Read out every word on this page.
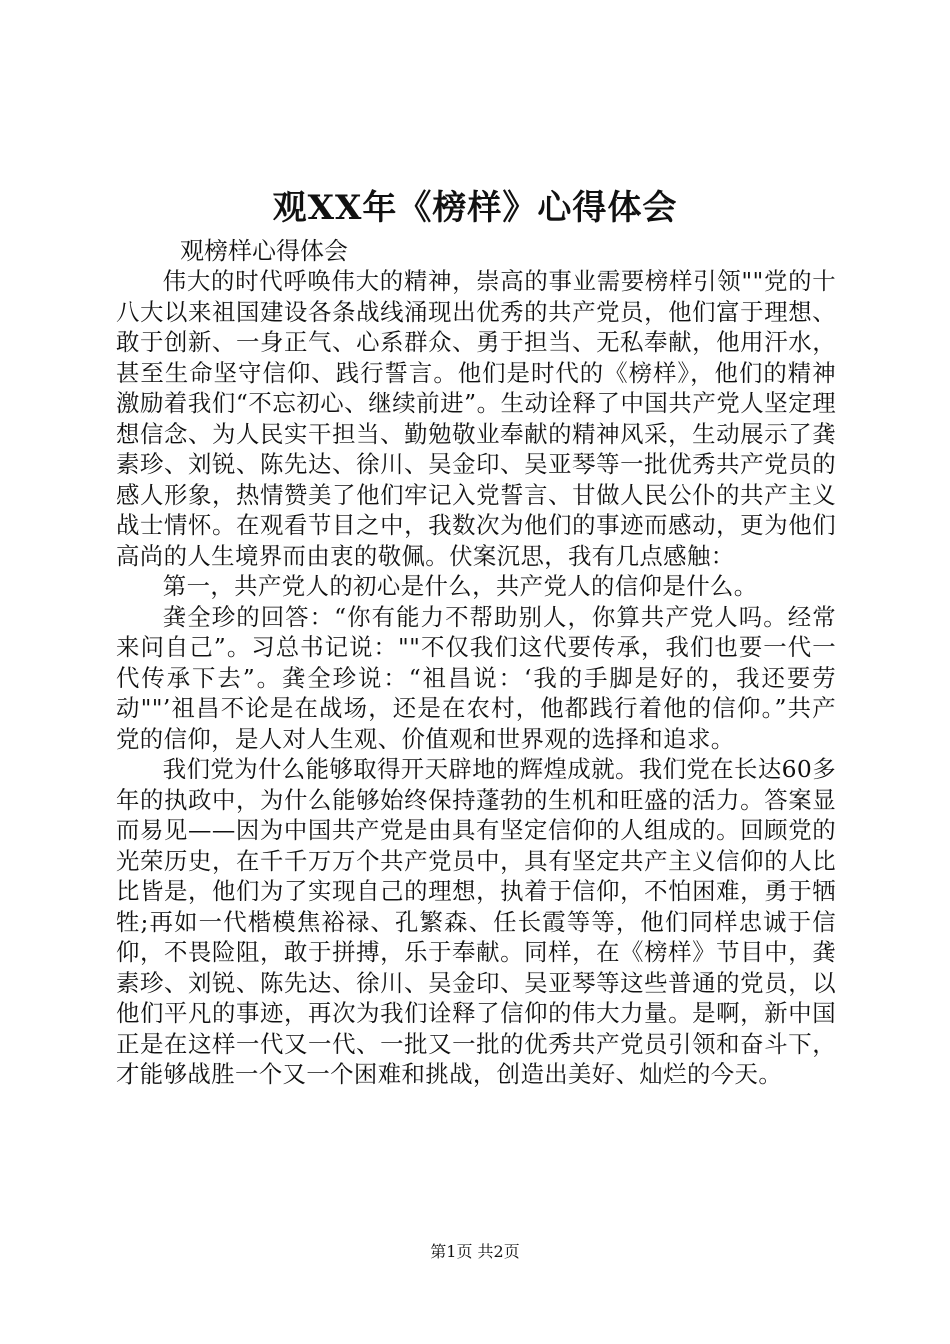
观XX年《榜样》心得体会
观榜样心得体会

伟大的时代呼唤伟大的精神，崇高的事业需要榜样引领""党的十八大以来祖国建设各条战线涌现出优秀的共产党员，他们富于理想、敢于创新、一身正气、心系群众、勇于担当、无私奉献，他用汗水，甚至生命坚守信仰、践行誓言。他们是时代的《榜样》，他们的精神激励着我们“不忘初心、继续前进”。生动诠释了中国共产党人坚定理想信念、为人民实干担当、勤勉敬业奉献的精神风采，生动展示了龚素珍、刘锐、陈先达、徐川、吴金印、吴亚琴等一批优秀共产党员的感人形象，热情赞美了他们牢记入党誓言、甘做人民公仆的共产主义战士情怀。在观看节目之中，我数次为他们的事迹而感动，更为他们高尚的人生境界而由衷的敬佩。伏案沉思，我有几点感触：

第一，共产党人的初心是什么，共产党人的信仰是什么。

龚全珍的回答：“你有能力不帮助别人，你算共产党人吗。经常来问自己”。习总书记说：""不仅我们这代要传承，我们也要一代一代传承下去”。龚全珍说：“祖昌说：‘我的手脚是好的，我还要劳动""’祖昌不论是在战场，还是在农村，他都践行着他的信仰。”共产党的信仰，是人对人生观、价值观和世界观的选择和追求。

我们党为什么能够取得开天辟地的辉煌成就。我们党在长达60多年的执政中，为什么能够始终保持蓬勃的生机和旺盛的活力。答案显而易见——因为中国共产党是由具有坚定信仰的人组成的。回顾党的光荣历史，在千千万万个共产党员中，具有坚定共产主义信仰的人比比皆是，他们为了实现自己的理想，执着于信仰，不怕困难，勇于牺牲;再如一代楷模焦裕禄、孔繁森、任长霞等等，他们同样忠诚于信仰，不畏险阻，敢于拼搏，乐于奉献。同样，在《榜样》节目中，龚素珍、刘锐、陈先达、徐川、吴金印、吴亚琴等这些普通的党员，以他们平凡的事迹，再次为我们诠释了信仰的伟大力量。是啊，新中国正是在这样一代又一代、一批又一批的优秀共产党员引领和奋斗下，才能够战胜一个又一个困难和挑战，创造出美好、灿烂的今天。

第1页 共2页
